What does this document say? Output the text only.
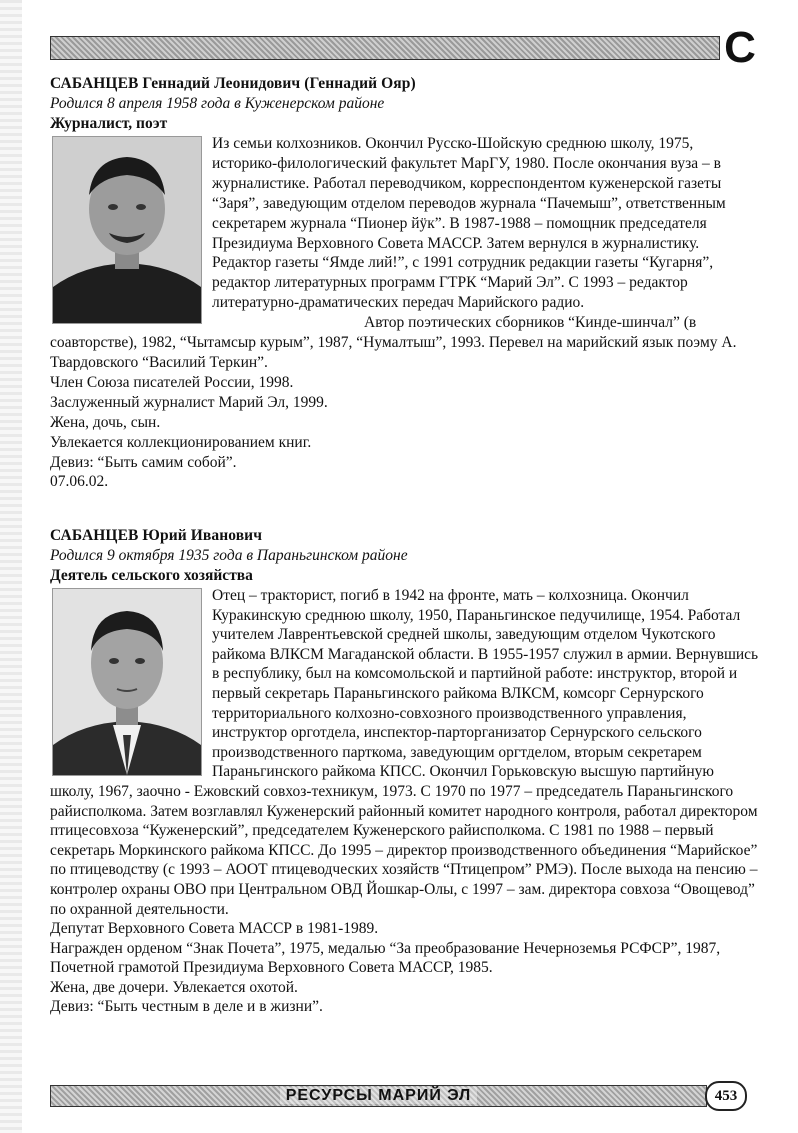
С
САБАНЦЕВ Геннадий Леонидович (Геннадий Ояр)
Родился 8 апреля 1958 года в Куженерском районе
Журналист, поэт

Из семьи колхозников. Окончил Русско-Шойскую среднюю школу, 1975, историко-филологический факультет МарГУ, 1980. После окончания вуза – в журналистике. Работал переводчиком, корреспондентом куженерской газеты “Заря”, заведующим отделом переводов журнала “Пачемыш”, ответственным секретарем журнала “Пионер йӱк”. В 1987-1988 – помощник председателя Президиума Верховного Совета МАССР. Затем вернулся в журналистику. Редактор газеты “Ямде лий!”, с 1991 сотрудник редакции газеты “Кугарня”, редактор литературных программ ГТРК “Марий Эл”. С 1993 – редактор литературно-драматических передач Марийского радио.

Автор поэтических сборников “Кинде-шинчал” (в соавторстве), 1982, “Чытамсыр курым”, 1987, “Нумалтыш”, 1993. Перевел на марийский язык поэму А. Твардовского “Василий Теркин”.

Член Союза писателей России, 1998.

Заслуженный журналист Марий Эл, 1999.

Жена, дочь, сын.

Увлекается коллекционированием книг.

Девиз: “Быть самим собой”.

07.06.02.

САБАНЦЕВ Юрий Иванович
Родился 9 октября 1935 года в Параньгинском районе
Деятель сельского хозяйства

Отец – тракторист, погиб в 1942 на фронте, мать – колхозница. Окончил Куракинскую среднюю школу, 1950, Параньгинское педучилище, 1954. Работал учителем Лаврентьевской средней школы, заведующим отделом Чукотского райкома ВЛКСМ Магаданской области. В 1955-1957 служил в армии. Вернувшись в республику, был на комсомольской и партийной работе: инструктор, второй и первый секретарь Параньгинского райкома ВЛКСМ, комсорг Сернурского территориального колхозно-совхозного производственного управления, инструктор орготдела, инспектор-парторганизатор Сернурского сельского производственного парткома, заведующим оргтделом, вторым секретарем Параньгинского райкома КПСС. Окончил Горьковскую высшую партийную школу, 1967, заочно - Ежовский совхоз-техникум, 1973. С 1970 по 1977 – председатель Параньгинского райисполкома. Затем возглавлял Куженерский районный комитет народного контроля, работал директором птицесовхоза “Куженерский”, председателем Куженерского райисполкома. С 1981 по 1988 – первый секретарь Моркинского райкома КПСС. До 1995 – директор производственного объединения “Марийское” по птицеводству (с 1993 – АООТ птицеводческих хозяйств “Птицепром” РМЭ). После выхода на пенсию – контролер охраны ОВО при Центральном ОВД Йошкар-Олы, с 1997 – зам. директора совхоза “Овощевод” по охранной деятельности.

Депутат Верховного Совета МАССР в 1981-1989.

Награжден орденом “Знак Почета”, 1975, медалью “За преобразование Нечерноземья РСФСР”, 1987, Почетной грамотой Президиума Верховного Совета МАССР, 1985.

Жена, две дочери. Увлекается охотой.

Девиз: “Быть честным в деле и в жизни”.

РЕСУРСЫ МАРИЙ ЭЛ	453
